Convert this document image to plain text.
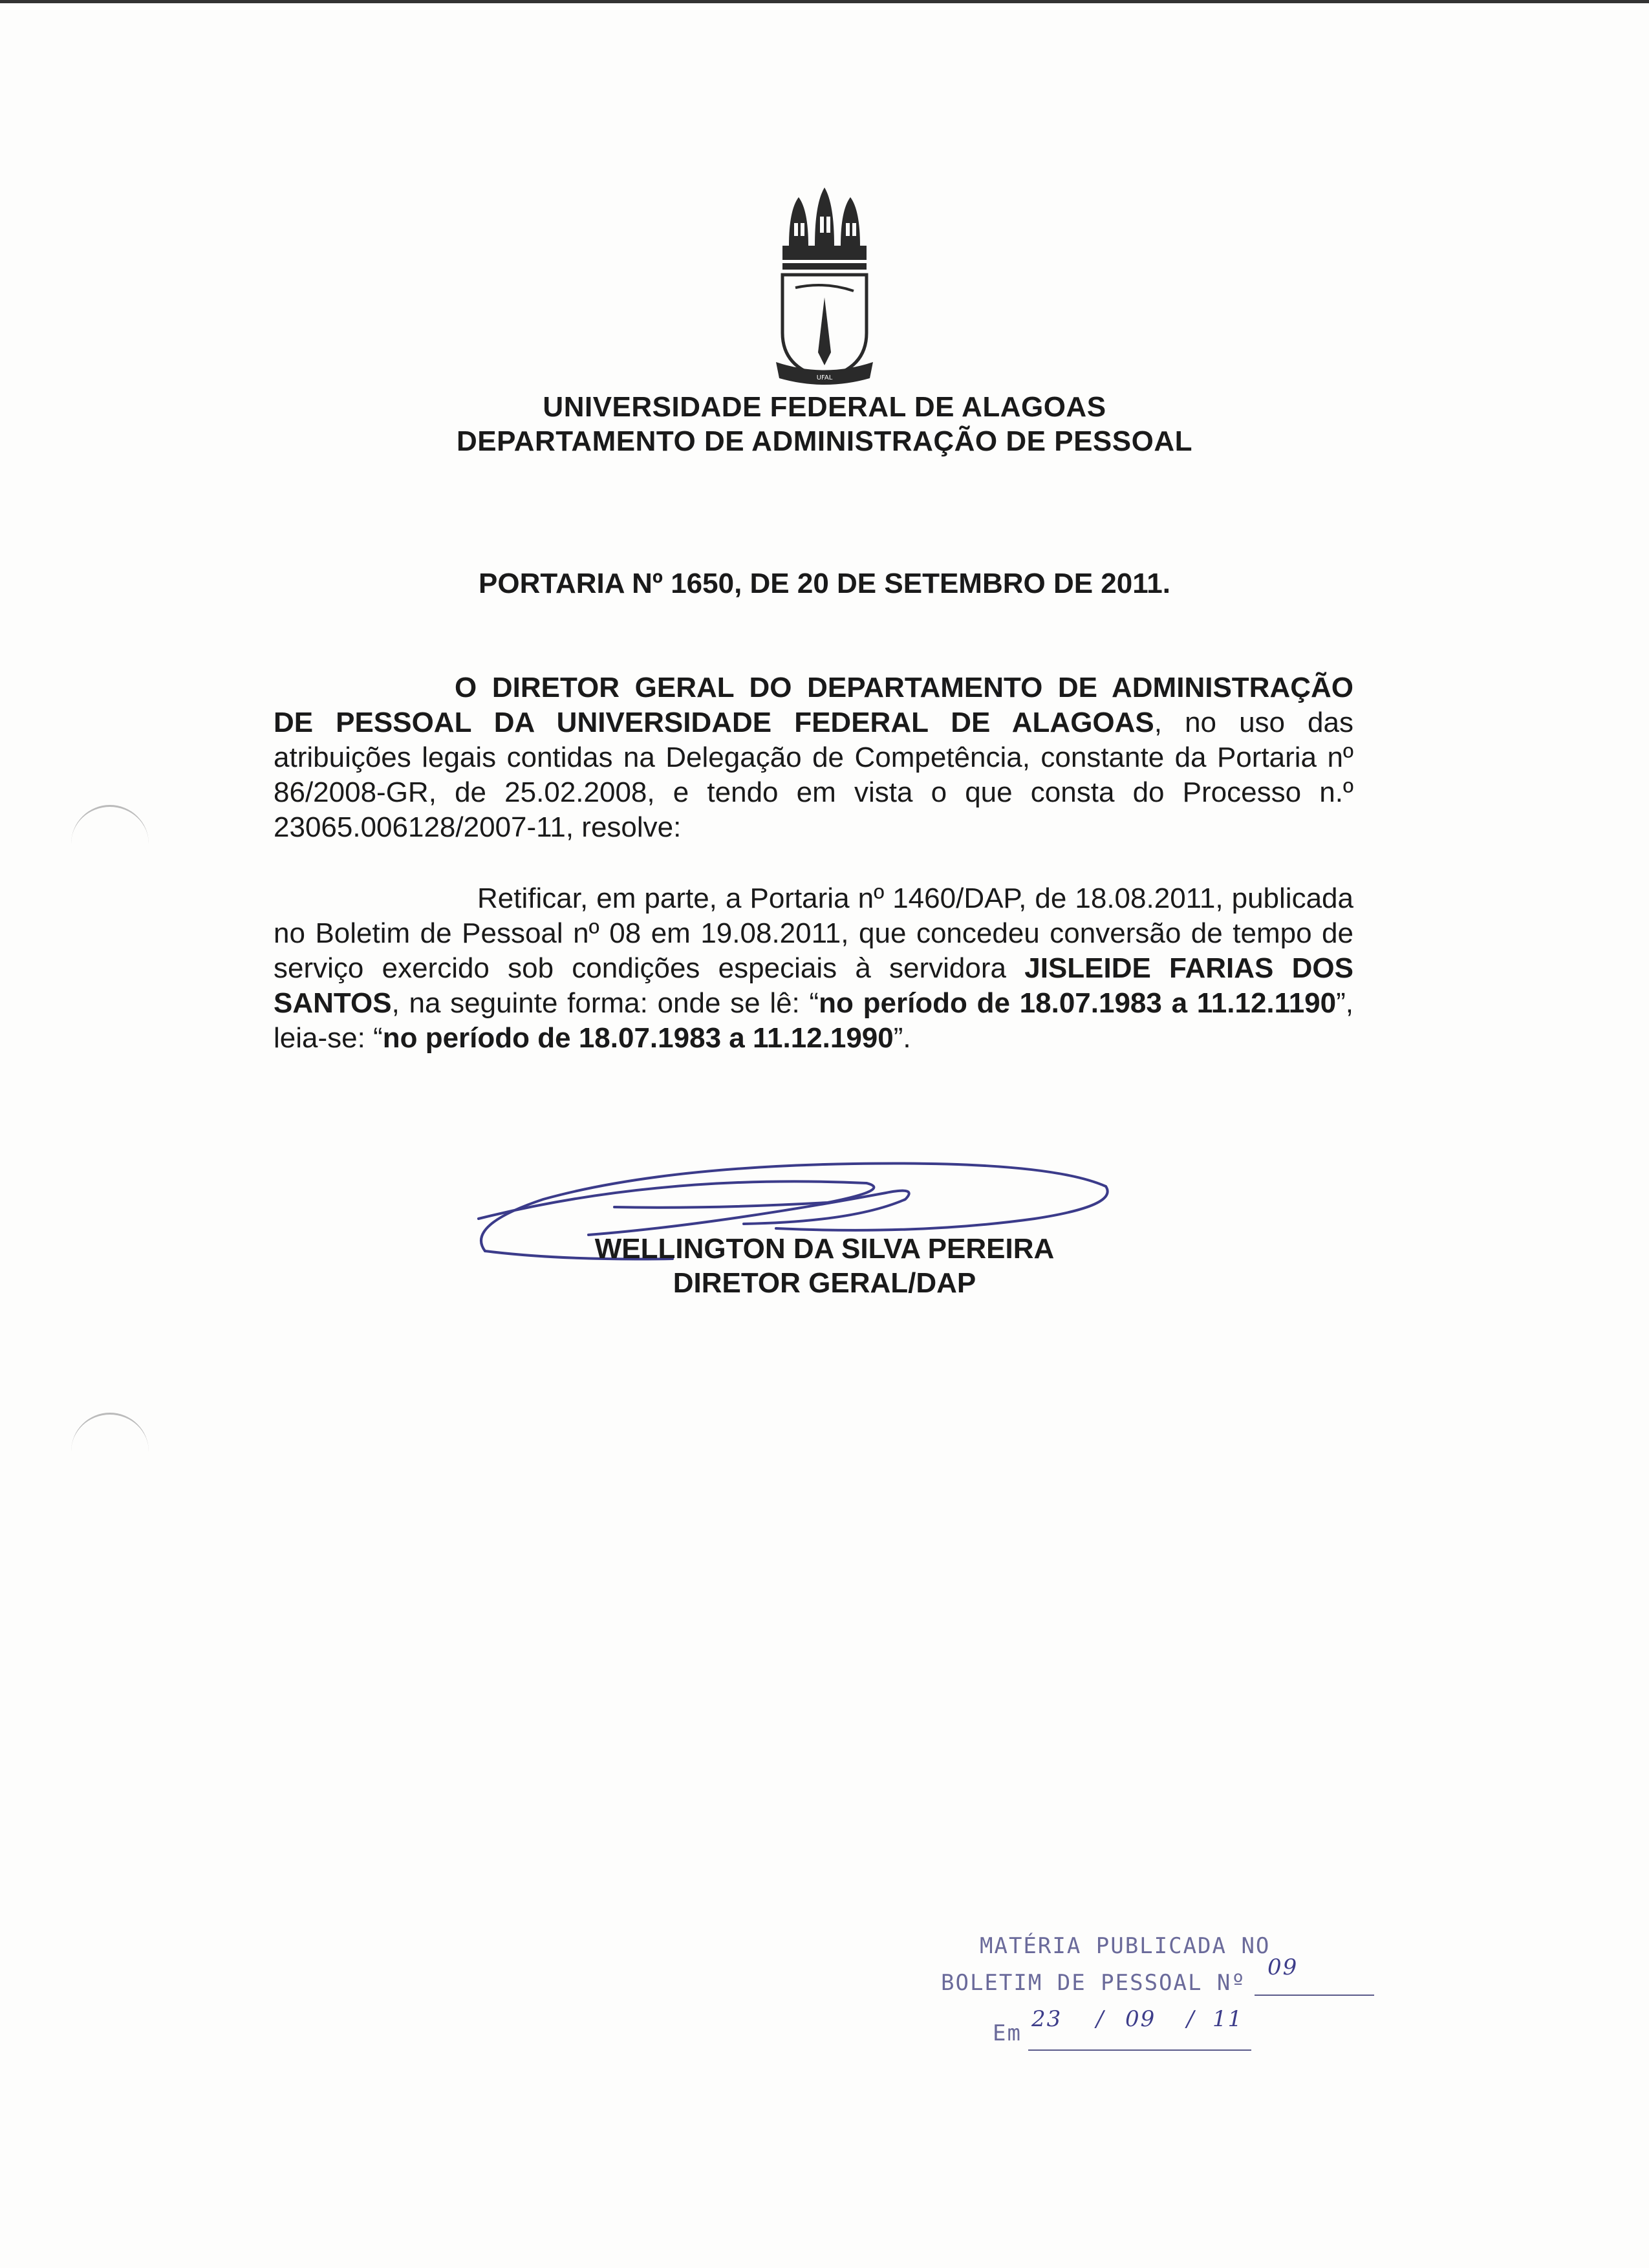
UFAL
UNIVERSIDADE FEDERAL DE ALAGOAS
DEPARTAMENTO DE ADMINISTRAÇÃO DE PESSOAL
PORTARIA Nº 1650, DE 20 DE SETEMBRO DE 2011.
O DIRETOR GERAL DO DEPARTAMENTO DE ADMINISTRAÇÃO DE PESSOAL DA UNIVERSIDADE FEDERAL DE ALAGOAS, no uso das atribuições legais contidas na Delegação de Competência, constante da Portaria nº 86/2008-GR, de 25.02.2008, e tendo em vista o que consta do Processo n.º 23065.006128/2007-11, resolve:
Retificar, em parte, a Portaria nº 1460/DAP, de 18.08.2011, publicada no Boletim de Pessoal nº 08 em 19.08.2011, que concedeu conversão de tempo de serviço exercido sob condições especiais à servidora JISLEIDE FARIAS DOS SANTOS, na seguinte forma: onde se lê: “no período de 18.07.1983 a 11.12.1190”, leia-se: “no período de 18.07.1983 a 11.12.1990”.
WELLINGTON DA SILVA PEREIRA
DIRETOR GERAL/DAP
MATÉRIA PUBLICADA NO
BOLETIM DE PESSOAL Nº
09
Em
23 / 09 / 11
